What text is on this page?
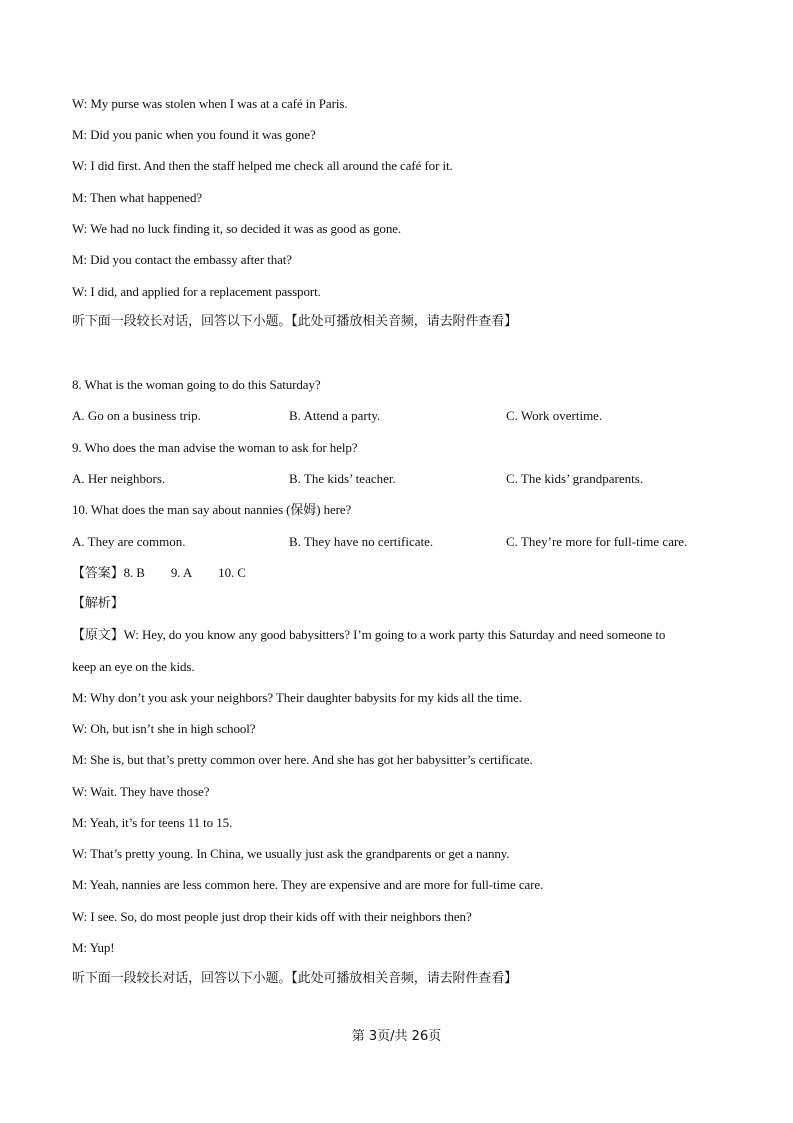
W: My purse was stolen when I was at a café in Paris.
M: Did you panic when you found it was gone?
W: I did first. And then the staff helped me check all around the café for it.
M: Then what happened?
W: We had no luck finding it, so decided it was as good as gone.
M: Did you contact the embassy after that?
W: I did, and applied for a replacement passport.
听下面一段较长对话，回答以下小题。【此处可播放相关音频，请去附件查看】
8. What is the woman going to do this Saturday?
A. Go on a business trip.	B. Attend a party.	C. Work overtime.
9. Who does the man advise the woman to ask for help?
A. Her neighbors.	B. The kids’ teacher.	C. The kids’ grandparents.
10. What does the man say about nannies (保姆) here?
A. They are common.	B. They have no certificate.	C. They’re more for full-time care.
【答案】8. B 9. A 10. C
【解析】
【原文】W: Hey, do you know any good babysitters? I’m going to a work party this Saturday and need someone to
keep an eye on the kids.
M: Why don’t you ask your neighbors? Their daughter babysits for my kids all the time.
W: Oh, but isn’t she in high school?
M: She is, but that’s pretty common over here. And she has got her babysitter’s certificate.
W: Wait. They have those?
M: Yeah, it’s for teens 11 to 15.
W: That’s pretty young. In China, we usually just ask the grandparents or get a nanny.
M: Yeah, nannies are less common here. They are expensive and are more for full-time care.
W: I see. So, do most people just drop their kids off with their neighbors then?
M: Yup!
听下面一段较长对话，回答以下小题。【此处可播放相关音频，请去附件查看】
第 3页/共 26页
